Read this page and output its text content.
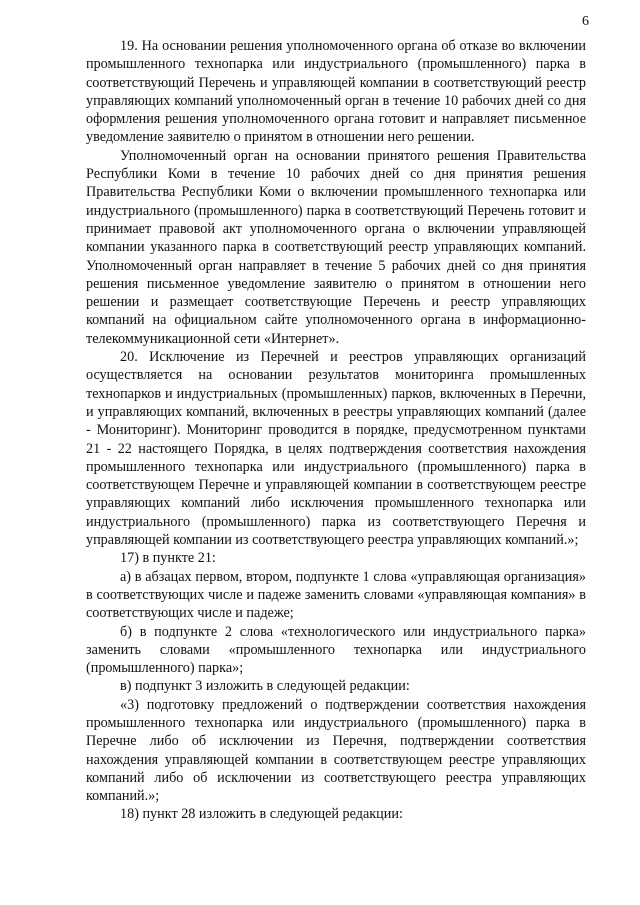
6

19. На основании решения уполномоченного органа об отказе во включении промышленного технопарка или индустриального (промышленного) парка в соответствующий Перечень и управляющей компании в соответствующий реестр управляющих компаний уполномоченный орган в течение 10 рабочих дней со дня оформления решения уполномоченного органа готовит и направляет письменное уведомление заявителю о принятом в отношении него решении.

Уполномоченный орган на основании принятого решения Правительства Республики Коми в течение 10 рабочих дней со дня принятия решения Правительства Республики Коми о включении промышленного технопарка или индустриального (промышленного) парка в соответствующий Перечень готовит и принимает правовой акт уполномоченного органа о включении управляющей компании указанного парка в соответствующий реестр управляющих компаний. Уполномоченный орган направляет в течение 5 рабочих дней со дня принятия решения письменное уведомление заявителю о принятом в отношении него решении и размещает соответствующие Перечень и реестр управляющих компаний на официальном сайте уполномоченного органа в информационно-телекоммуникационной сети «Интернет».

20. Исключение из Перечней и реестров управляющих организаций осуществляется на основании результатов мониторинга промышленных технопарков и индустриальных (промышленных) парков, включенных в Перечни, и управляющих компаний, включенных в реестры управляющих компаний (далее - Мониторинг). Мониторинг проводится в порядке, предусмотренном пунктами 21 - 22 настоящего Порядка, в целях подтверждения соответствия нахождения промышленного технопарка или индустриального (промышленного) парка в соответствующем Перечне и управляющей компании в соответствующем реестре управляющих компаний либо исключения промышленного технопарка или индустриального (промышленного) парка из соответствующего Перечня и управляющей компании из соответствующего реестра управляющих компаний.»;

17) в пункте 21:

а) в абзацах первом, втором, подпункте 1 слова «управляющая организация» в соответствующих числе и падеже заменить словами «управляющая компания» в соответствующих числе и падеже;

б) в подпункте 2 слова «технологического или индустриального парка» заменить словами «промышленного технопарка или индустриального (промышленного) парка»;

в) подпункт 3 изложить в следующей редакции:

«3) подготовку предложений о подтверждении соответствия нахождения промышленного технопарка или индустриального (промышленного) парка в Перечне либо об исключении из Перечня, подтверждении соответствия нахождения управляющей компании в соответствующем реестре управляющих компаний либо об исключении из соответствующего реестра управляющих компаний.»;

18) пункт 28 изложить в следующей редакции:
